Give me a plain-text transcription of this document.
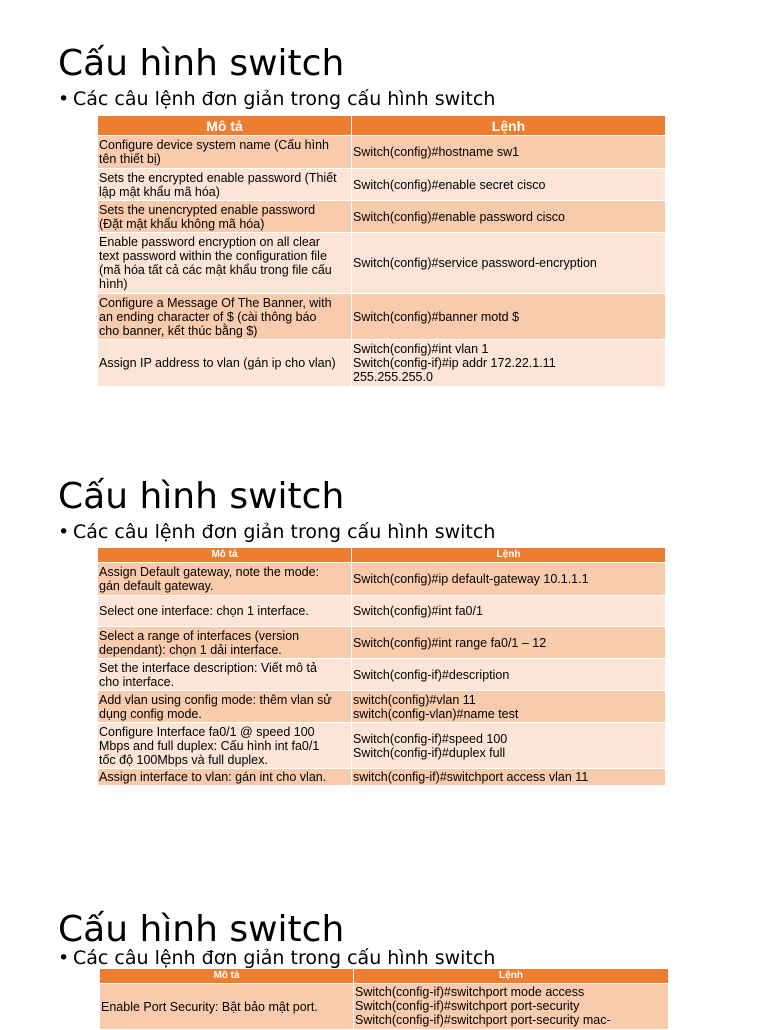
Cấu hình switch
• Các câu lệnh đơn giản trong cấu hình switch
Mô tả	Lệnh
Configure device system name (Cấu hình
tên thiết bị)	Switch(config)#hostname sw1
Sets the encrypted enable password (Thiết
lập mật khẩu mã hóa)	Switch(config)#enable secret cisco
Sets the unencrypted enable password
(Đặt mật khẩu không mã hóa)	Switch(config)#enable password cisco
Enable password encryption on all clear
text password within the configuration file
(mã hóa tất cả các mật khẩu trong file cấu
hình)	Switch(config)#service password-encryption
Configure a Message Of The Banner, with
an ending character of $ (cài thông báo
cho banner, kết thúc bằng $)	Switch(config)#banner motd $
Assign IP address to vlan (gán ip cho vlan)	Switch(config)#int vlan 1
Switch(config-if)#ip addr 172.22.1.11
255.255.255.0
Cấu hình switch
• Các câu lệnh đơn giản trong cấu hình switch
Mô tả	Lệnh
Assign Default gateway, note the mode:
gán default gateway.	Switch(config)#ip default-gateway 10.1.1.1
Select one interface: chọn 1 interface.	Switch(config)#int fa0/1
Select a range of interfaces (version
dependant): chọn 1 dải interface.	Switch(config)#int range fa0/1 – 12
Set the interface description: Viết mô tả
cho interface.	Switch(config-if)#description
Add vlan using config mode: thêm vlan sử
dụng config mode.	switch(config)#vlan 11
switch(config-vlan)#name test
Configure Interface fa0/1 @ speed 100
Mbps and full duplex: Cấu hình int fa0/1
tốc độ 100Mbps và full duplex.	Switch(config-if)#speed 100
Switch(config-if)#duplex full
Assign interface to vlan: gán int cho vlan.	switch(config-if)#switchport access vlan 11
Cấu hình switch
• Các câu lệnh đơn giản trong cấu hình switch
Mô tả	Lệnh
Enable Port Security: Bật bảo mật port.	Switch(config-if)#switchport mode access
Switch(config-if)#switchport port-security
Switch(config-if)#switchport port-security mac-
